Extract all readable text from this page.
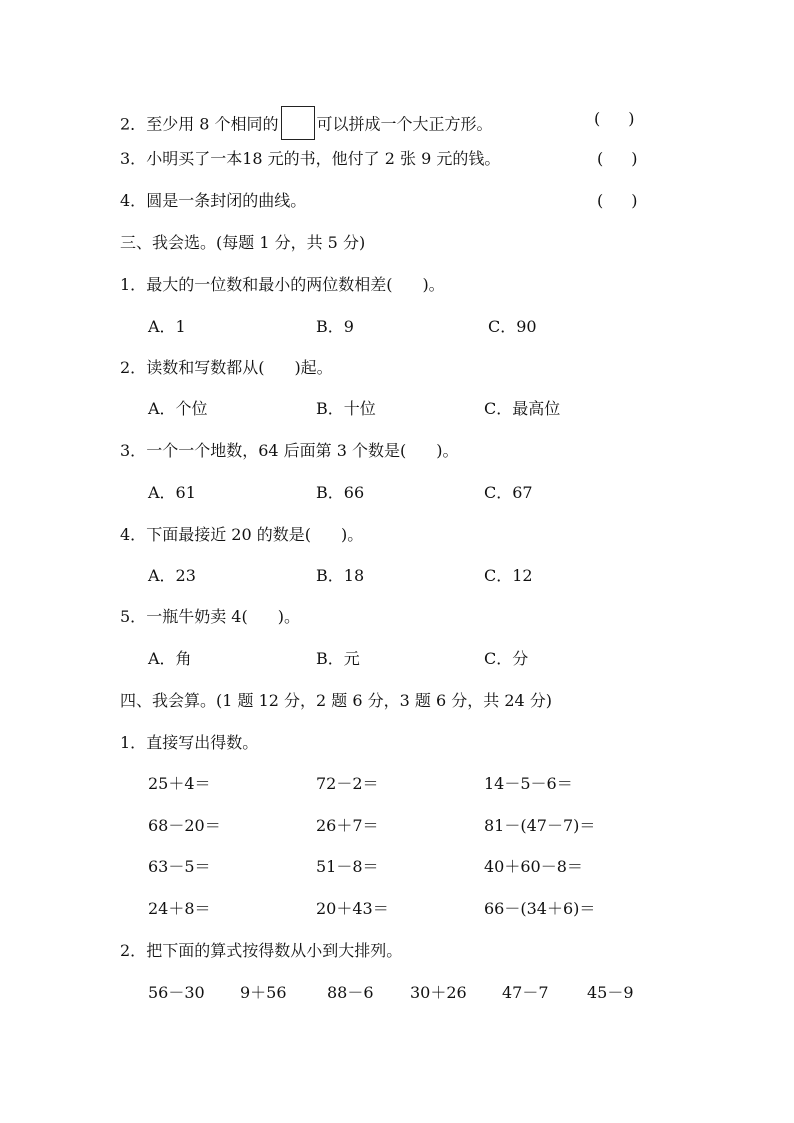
2．至少用 8 个相同的 可以拼成一个大正方形。	( )
3．小明买了一本18 元的书，他付了 2 张 9 元的钱。	( )
4．圆是一条封闭的曲线。	( )
三、我会选。(每题 1 分，共 5 分)
1．最大的一位数和最小的两位数相差( )。
A．1	B．9	C．90
2．读数和写数都从( )起。
A．个位	B．十位	C．最高位
3．一个一个地数，64 后面第 3 个数是( )。
A．61	B．66	C．67
4．下面最接近 20 的数是( )。
A．23	B．18	C．12
5．一瓶牛奶卖 4( )。
A．角	B．元	C．分
四、我会算。(1 题 12 分，2 题 6 分，3 题 6 分，共 24 分)
1．直接写出得数。
25＋4＝	72－2＝	14－5－6＝
68－20＝	26＋7＝	81－(47－7)＝
63－5＝	51－8＝	40＋60－8＝
24＋8＝	20＋43＝	66－(34＋6)＝
2．把下面的算式按得数从小到大排列。
56－30 9＋56	88－6 30＋26 47－7 45－9
